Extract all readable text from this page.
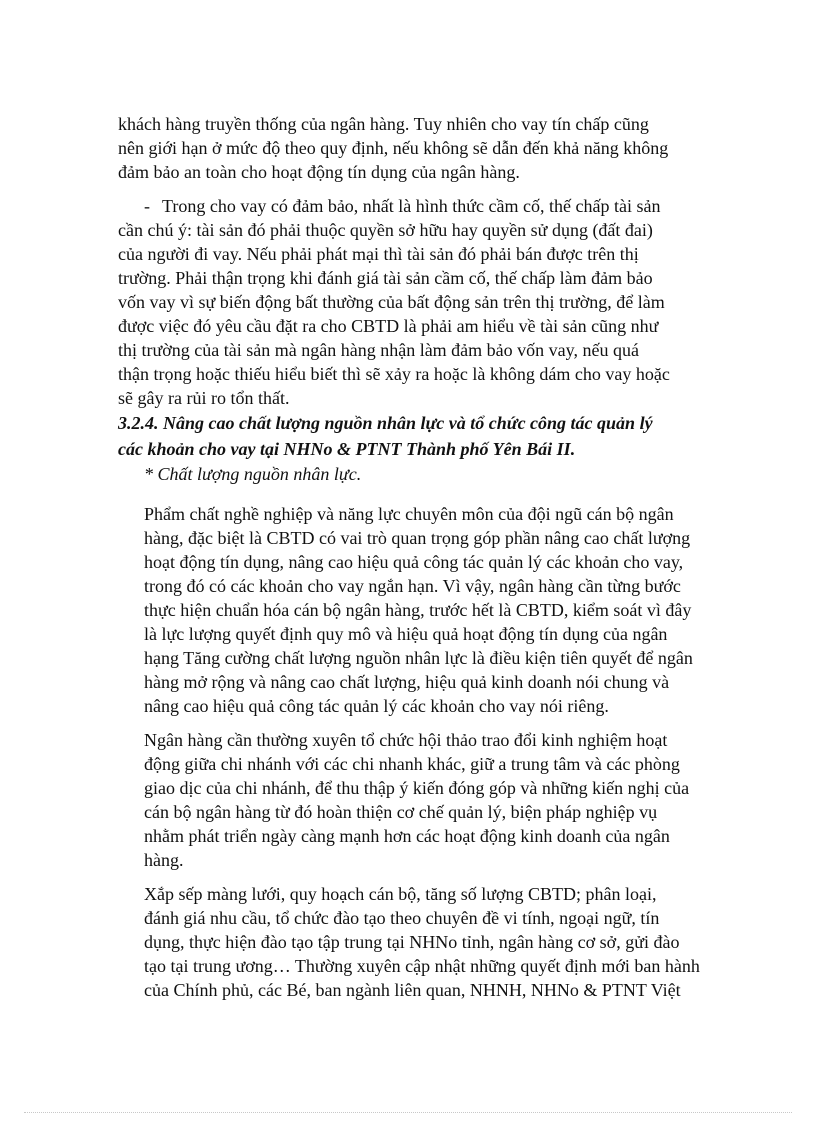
khách hàng truyền thống của ngân hàng. Tuy nhiên cho vay tín chấp cũng
nên giới hạn ở mức độ theo quy định, nếu không sẽ dẫn đến khả năng không
đảm bảo an toàn cho hoạt động tín dụng của ngân hàng.

- Trong cho vay có đảm bảo, nhất là hình thức cầm cố, thế chấp tài sản

cần chú ý: tài sản đó phải thuộc quyền sở hữu hay quyền sử dụng (đất đai)
của người đi vay. Nếu phải phát mại thì tài sản đó phải bán được trên thị
trường. Phải thận trọng khi đánh giá tài sản cầm cố, thế chấp làm đảm bảo
vốn vay vì sự biến động bất thường của bất động sản trên thị trường, để làm
được việc đó yêu cầu đặt ra cho CBTD là phải am hiểu về tài sản cũng như
thị trường của tài sản mà ngân hàng nhận làm đảm bảo vốn vay, nếu quá
thận trọng hoặc thiếu hiểu biết thì sẽ xảy ra hoặc là không dám cho vay hoặc
sẽ gây ra rủi ro tổn thất.

3.2.4. Nâng cao chất lượng nguồn nhân lực và tổ chức công tác quản lý
các khoản cho vay tại NHNo & PTNT Thành phố Yên Bái II.

* Chất lượng nguồn nhân lực.

Phẩm chất nghề nghiệp và năng lực chuyên môn của đội ngũ cán bộ ngân
hàng, đặc biệt là CBTD có vai trò quan trọng góp phần nâng cao chất lượng
hoạt động tín dụng, nâng cao hiệu quả công tác quản lý các khoản cho vay,
trong đó có các khoản cho vay ngắn hạn. Vì vậy, ngân hàng cần từng bước
thực hiện chuẩn hóa cán bộ ngân hàng, trước hết là CBTD, kiểm soát vì đây
là lực lượng quyết định quy mô và hiệu quả hoạt động tín dụng của ngân
hạng Tăng cường chất lượng nguồn nhân lực là điều kiện tiên quyết để ngân
hàng mở rộng và nâng cao chất lượng, hiệu quả kinh doanh nói chung và
nâng cao hiệu quả công tác quản lý các khoản cho vay nói riêng.

Ngân hàng cần thường xuyên tổ chức hội thảo trao đổi kinh nghiệm hoạt
động giữa chi nhánh với các chi nhanh khác, giữ a trung tâm và các phòng
giao dịc của chi nhánh, để thu thập ý kiến đóng góp và những kiến nghị của
cán bộ ngân hàng từ đó hoàn thiện cơ chế quản lý, biện pháp nghiệp vụ
nhằm phát triển ngày càng mạnh hơn các hoạt động kinh doanh của ngân
hàng.

Xắp sếp màng lưới, quy hoạch cán bộ, tăng số lượng CBTD; phân loại,
đánh giá nhu cầu, tổ chức đào tạo theo chuyên đề vi tính, ngoại ngữ, tín
dụng, thực hiện đào tạo tập trung tại NHNo tỉnh, ngân hàng cơ sở, gửi đào
tạo tại trung ương… Thường xuyên cập nhật những quyết định mới ban hành
của Chính phủ, các Bé, ban ngành liên quan, NHNH, NHNo & PTNT Việt
